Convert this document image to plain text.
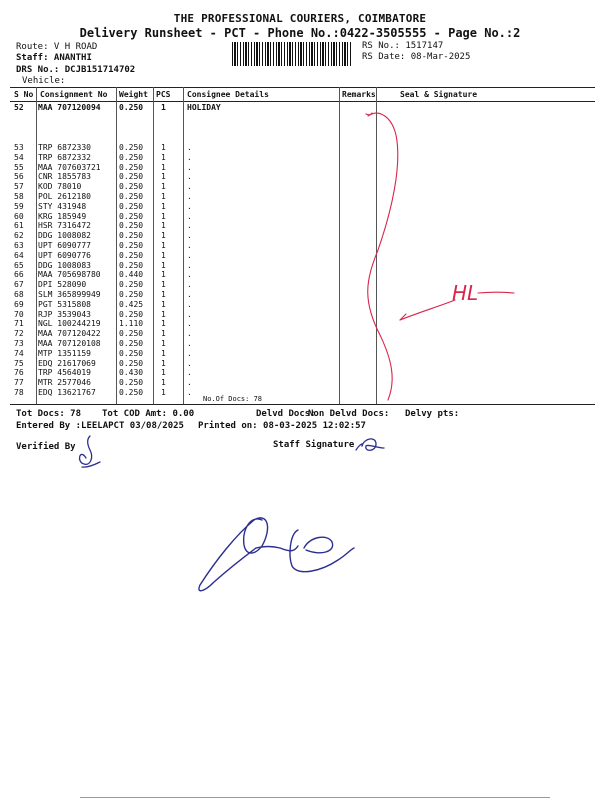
THE PROFESSIONAL COURIERS, COIMBATORE
Delivery Runsheet - PCT - Phone No.:0422-3505555 - Page No.:2
Route: V H ROAD
Staff: ANANTHI
DRS No.: DCJB151714702
Vehicle:
RS No.: 1517147
RS Date: 08-Mar-2025
S No Consignment No Weight PCS Consignee Details	Remarks	Seal & Signature
52 MAA 707120094 0.250 1	HOLIDAY
53 TRP 6872330	0.250 1	.
54 TRP 6872332	0.250 1	.
55 MAA 707603721 0.250 1	.
56 CNR 1855783	0.250 1	.
57 KOD 78010	0.250 1	.
58 POL 2612180	0.250 1	.
59 STY 431948	0.250 1	.
60 KRG 185949	0.250 1	.
61 HSR 7316472	0.250 1	.
62 DDG 1008082	0.250 1	.
63 UPT 6090777	0.250 1	.
64 UPT 6090776	0.250 1	.
65 DDG 1008083	0.250 1	.
66 MAA 705698780 0.440 1	.
67 DPI 528090	0.250 1	.
68 SLM 365899949 0.250 1	.
69 PGT 5315808	0.425 1	.
70 RJP 3539043	0.250 1	.
71 NGL 100244219 1.110 1	.
72 MAA 707120422 0.250 1	.
73 MAA 707120108 0.250 1	.
74 MTP 1351159	0.250 1	.
75 EDQ 21617069	0.250 1	.
76 TRP 4564019	0.430 1	.
77 MTR 2577046	0.250 1	.
78 EDQ 13621767	0.250 1	.
No.Of Docs: 78
Tot Docs: 78 Tot COD Amt: 0.00	Delvd Docs:
Non Delvd Docs: Delvy pts:
Entered By :LEELAPCT 03/08/2025 Printed on: 08-03-2025 12:02:57
Verified By	Staff Signature
HL
